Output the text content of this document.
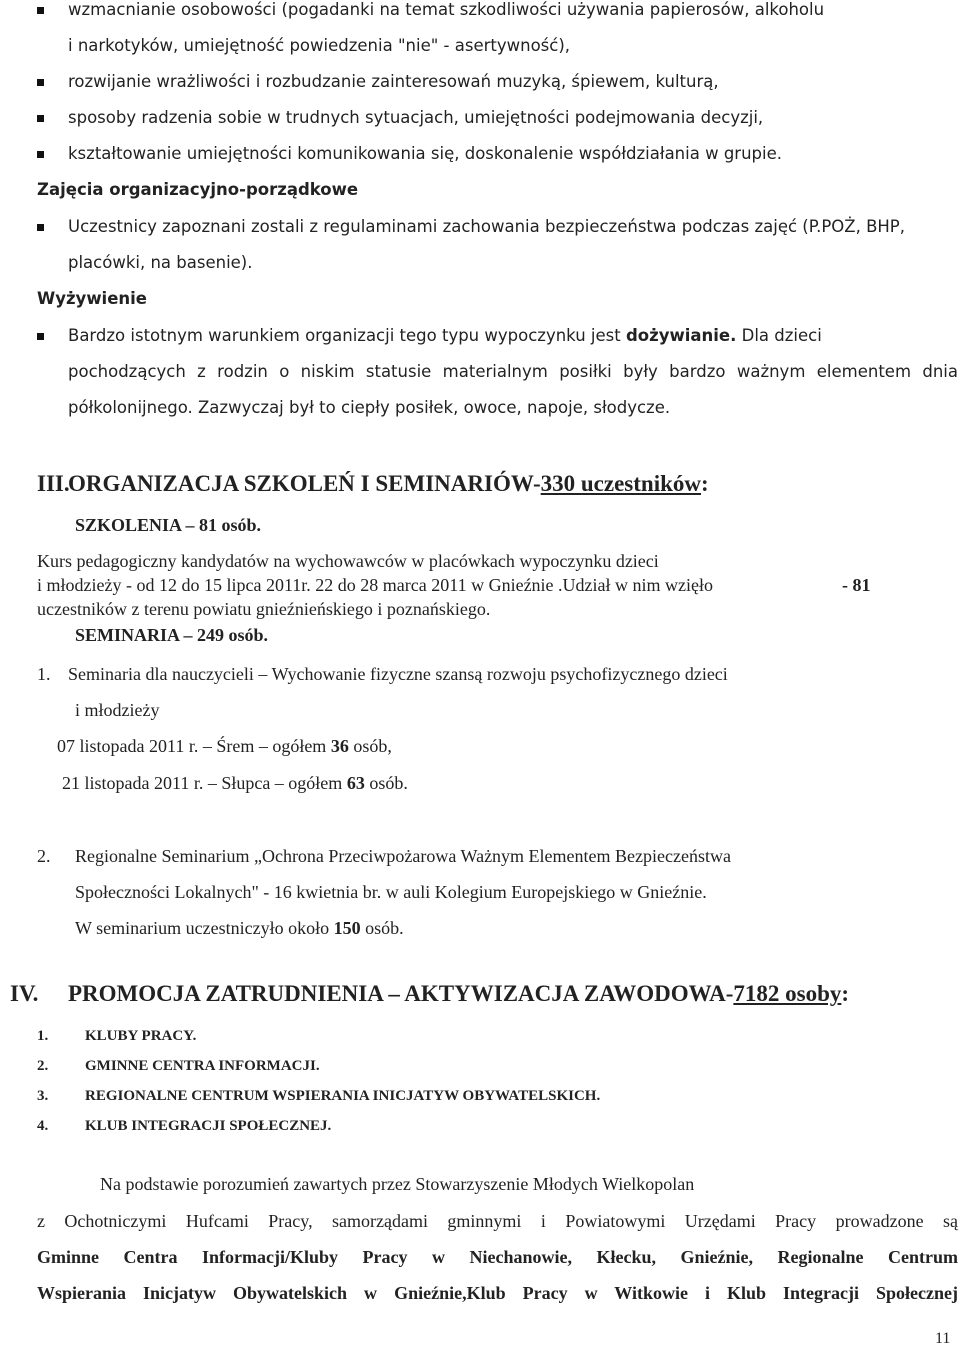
wzmacnianie osobowości (pogadanki na temat szkodliwości używania papierosów, alkoholu
i narkotyków, umiejętność powiedzenia "nie" - asertywność),
rozwijanie wrażliwości i rozbudzanie zainteresowań muzyką, śpiewem, kulturą,
sposoby radzenia sobie w trudnych sytuacjach, umiejętności podejmowania decyzji,
kształtowanie umiejętności komunikowania się, doskonalenie współdziałania w grupie.
Zajęcia organizacyjno-porządkowe
Uczestnicy zapoznani zostali z regulaminami zachowania bezpieczeństwa podczas zajęć (P.POŻ, BHP,
placówki, na basenie).
Wyżywienie
Bardzo istotnym warunkiem organizacji tego typu wypoczynku jest dożywianie. Dla dzieci
pochodzących z rodzin o niskim statusie materialnym posiłki były bardzo ważnym elementem dnia
półkolonijnego. Zazwyczaj był to ciepły posiłek, owoce, napoje, słodycze.
III.
ORGANIZACJA SZKOLEŃ I SEMINARIÓW-330 uczestników:
SZKOLENIA – 81 osób.
Kurs pedagogiczny kandydatów na wychowawców w placówkach wypoczynku dzieci
i młodzieży - od 12 do 15 lipca 2011r. 22 do 28 marca 2011 w Gnieźnie .Udział w nim wzięło	- 81
uczestników z terenu powiatu gnieźnieńskiego i poznańskiego.
SEMINARIA – 249 osób.
1. Seminaria dla nauczycieli – Wychowanie fizyczne szansą rozwoju psychofizycznego dzieci
i młodzieży
07 listopada 2011 r. – Śrem – ogółem 36 osób,
21 listopada 2011 r. – Słupca – ogółem 63 osób.
2. Regionalne Seminarium „Ochrona Przeciwpożarowa Ważnym Elementem Bezpieczeństwa
Społeczności Lokalnych" - 16 kwietnia br. w auli Kolegium Europejskiego w Gnieźnie.
W seminarium uczestniczyło około 150 osób.
IV. PROMOCJA ZATRUDNIENIA – AKTYWIZACJA ZAWODOWA-7182 osoby:
1. KLUBY PRACY.
2. GMINNE CENTRA INFORMACJI.
3. REGIONALNE CENTRUM WSPIERANIA INICJATYW OBYWATELSKICH.
4. KLUB INTEGRACJI SPOŁECZNEJ.
Na podstawie porozumień zawartych przez Stowarzyszenie Młodych Wielkopolan
z Ochotniczymi Hufcami Pracy, samorządami gminnymi i Powiatowymi Urzędami Pracy prowadzone są
Gminne Centra Informacji/Kluby Pracy w Niechanowie, Kłecku, Gnieźnie, Regionalne Centrum
Wspierania Inicjatyw Obywatelskich w Gnieźnie,Klub Pracy w Witkowie i Klub Integracji Społecznej
11
